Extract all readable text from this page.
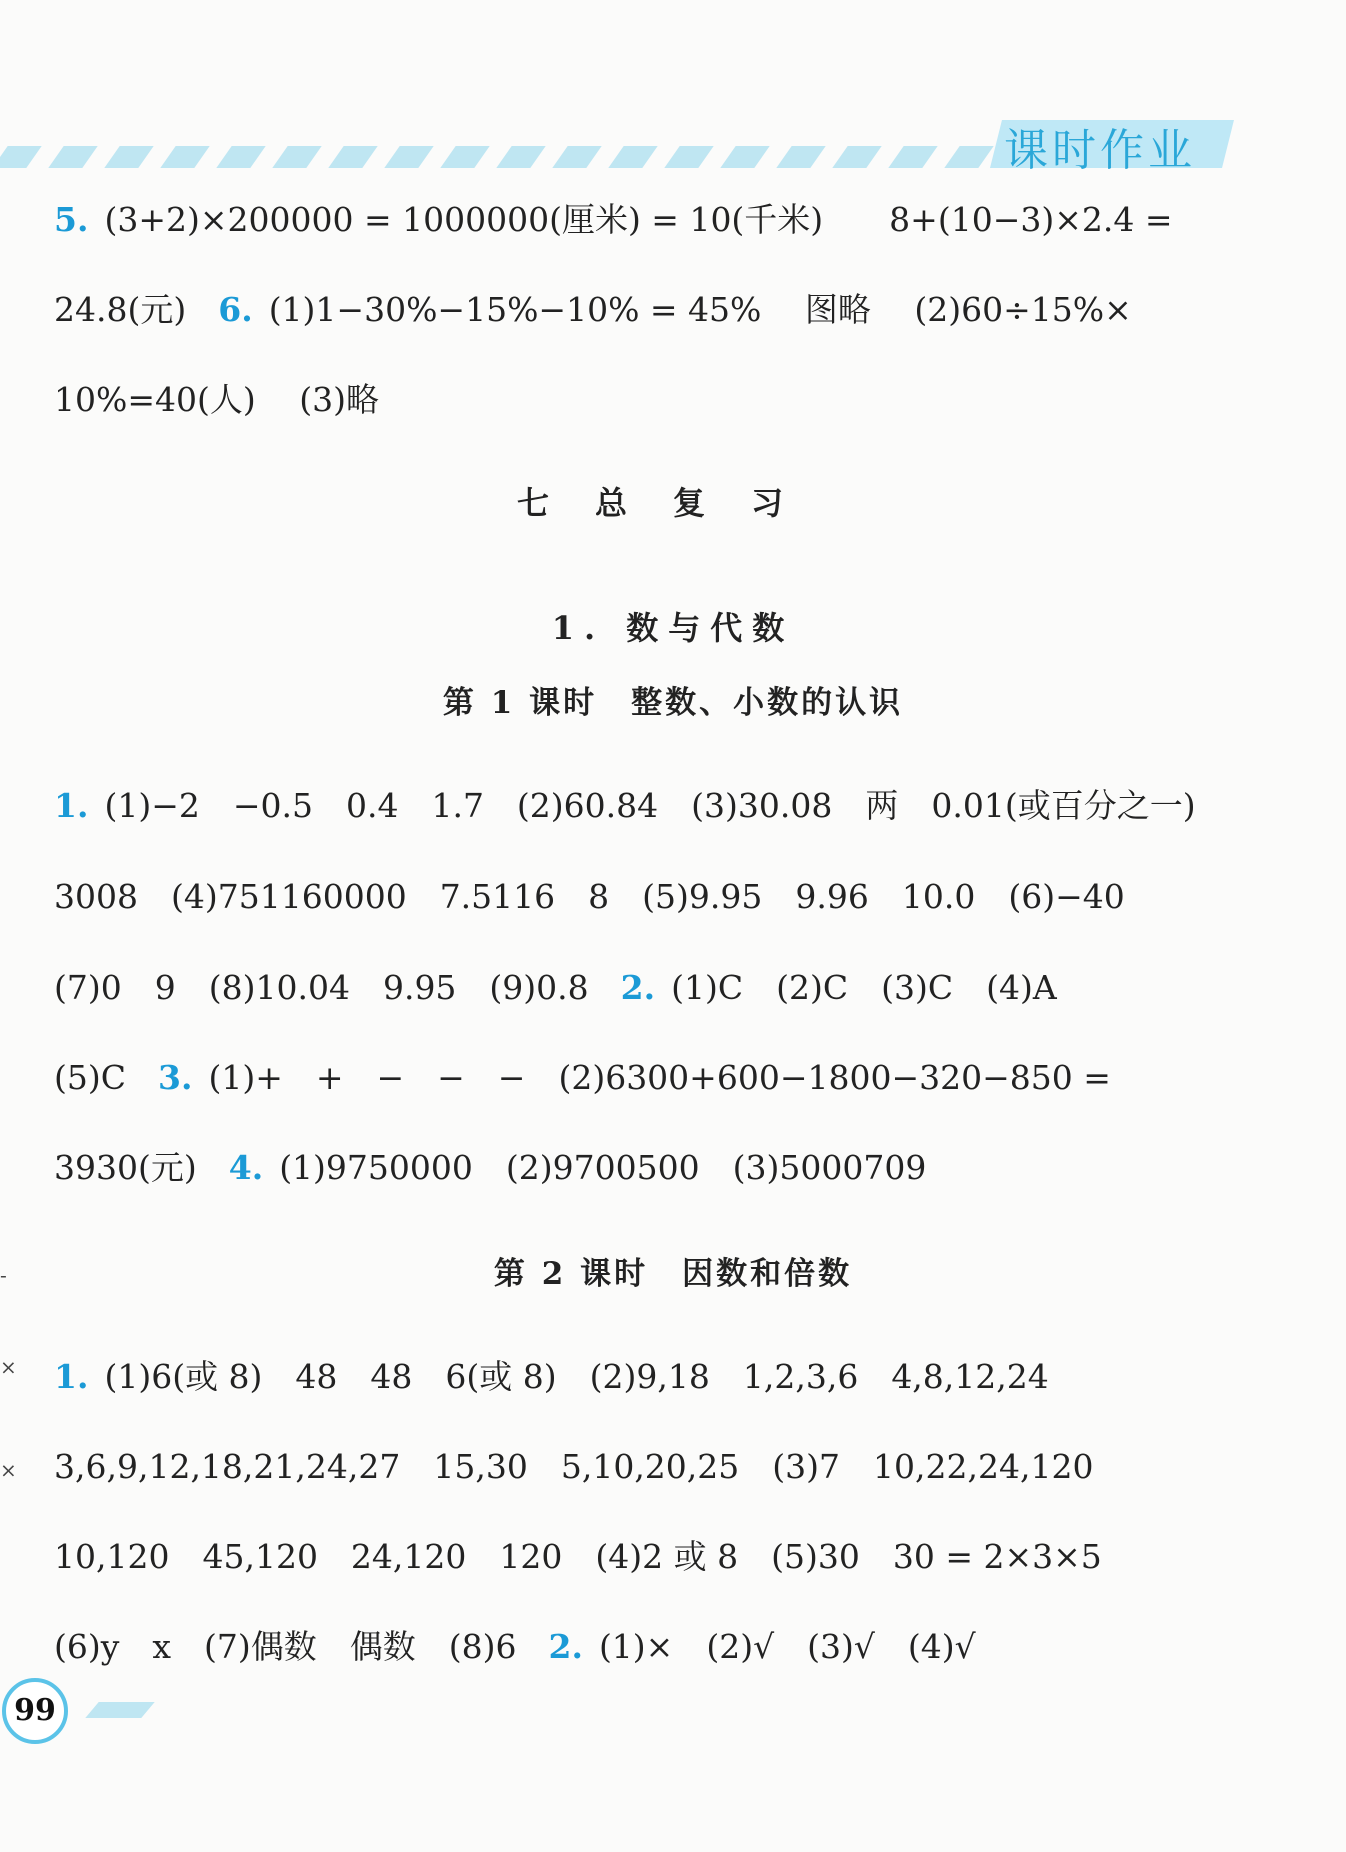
课时作业
5. (3+2)×200000 = 1000000(厘米) = 10(千米)　　8+(10−3)×2.4 =
24.8(元) 6. (1)1−30%−15%−10% = 45%　 图略　 (2)60÷15%×
10%=40(人)　 (3)略
七总复习
1. 数与代数
第 1 课时　整数、小数的认识
1. (1)−2　−0.5　0.4　1.7　(2)60.84　(3)30.08　两　0.01(或百分之一)
3008　(4)751160000　7.5116　8　(5)9.95　9.96　10.0　(6)−40
(7)0　9　(8)10.04　9.95　(9)0.8 2. (1)C　(2)C　(3)C　(4)A
(5)C 3. (1)+　+　−　−　−　(2)6300+600−1800−320−850 =
3930(元) 4. (1)9750000　(2)9700500　(3)5000709
第 2 课时　因数和倍数
1. (1)6(或 8)　48　48　6(或 8)　(2)9,18　1,2,3,6　4,8,12,24
3,6,9,12,18,21,24,27　15,30　5,10,20,25　(3)7　10,22,24,120
10,120　45,120　24,120　120　(4)2 或 8　(5)30　30 = 2×3×5
(6)y　x　(7)偶数　偶数　(8)6 2. (1)×　(2)√　(3)√　(4)√
99
-
×
×
